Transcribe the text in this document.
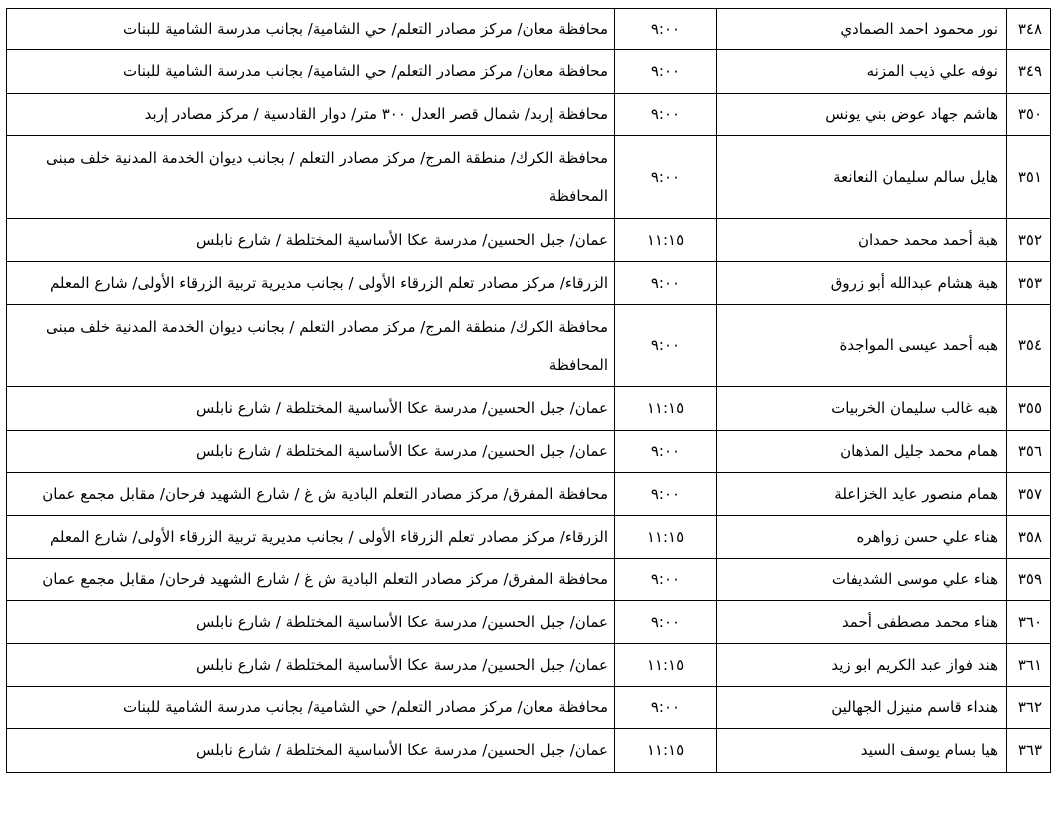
٣٤٨	نور محمود احمد الصمادي	٩:٠٠	محافظة معان/ مركز مصادر التعلم/ حي الشامية/ بجانب مدرسة الشامية للبنات
٣٤٩	نوفه علي ذيب المزنه	٩:٠٠	محافظة معان/ مركز مصادر التعلم/ حي الشامية/ بجانب مدرسة الشامية للبنات
٣٥٠	هاشم جهاد عوض بني يونس	٩:٠٠	محافظة إربد/ شمال قصر العدل ٣٠٠ متر/ دوار القادسية / مركز مصادر إربد
٣٥١	هايل سالم سليمان النعانعة	٩:٠٠	محافظة الكرك/ منطقة المرج/ مركز مصادر التعلم / بجانب ديوان الخدمة المدنية خلف مبنى المحافظة
٣٥٢	هبة أحمد محمد حمدان	١١:١٥	عمان/ جبل الحسين/ مدرسة عكا الأساسية المختلطة / شارع نابلس
٣٥٣	هبة هشام عبدالله أبو زروق	٩:٠٠	الزرقاء/ مركز مصادر تعلم الزرقاء الأولى / بجانب مديرية تربية الزرقاء الأولى/ شارع المعلم
٣٥٤	هبه أحمد عيسى المواجدة	٩:٠٠	محافظة الكرك/ منطقة المرج/ مركز مصادر التعلم / بجانب ديوان الخدمة المدنية خلف مبنى المحافظة
٣٥٥	هبه غالب سليمان الخربيات	١١:١٥	عمان/ جبل الحسين/ مدرسة عكا الأساسية المختلطة / شارع نابلس
٣٥٦	همام محمد جليل المذهان	٩:٠٠	عمان/ جبل الحسين/ مدرسة عكا الأساسية المختلطة / شارع نابلس
٣٥٧	همام منصور عايد الخزاعلة	٩:٠٠	محافظة المفرق/ مركز مصادر التعلم البادية ش غ / شارع الشهيد فرحان/ مقابل مجمع عمان
٣٥٨	هناء علي حسن زواهره	١١:١٥	الزرقاء/ مركز مصادر تعلم الزرقاء الأولى / بجانب مديرية تربية الزرقاء الأولى/ شارع المعلم
٣٥٩	هناء علي موسى الشديفات	٩:٠٠	محافظة المفرق/ مركز مصادر التعلم البادية ش غ / شارع الشهيد فرحان/ مقابل مجمع عمان
٣٦٠	هناء محمد مصطفى أحمد	٩:٠٠	عمان/ جبل الحسين/ مدرسة عكا الأساسية المختلطة / شارع نابلس
٣٦١	هند فواز عبد الكريم ابو زيد	١١:١٥	عمان/ جبل الحسين/ مدرسة عكا الأساسية المختلطة / شارع نابلس
٣٦٢	هنداء قاسم منيزل الجهالين	٩:٠٠	محافظة معان/ مركز مصادر التعلم/ حي الشامية/ بجانب مدرسة الشامية للبنات
٣٦٣	هيا بسام يوسف السيد	١١:١٥	عمان/ جبل الحسين/ مدرسة عكا الأساسية المختلطة / شارع نابلس
